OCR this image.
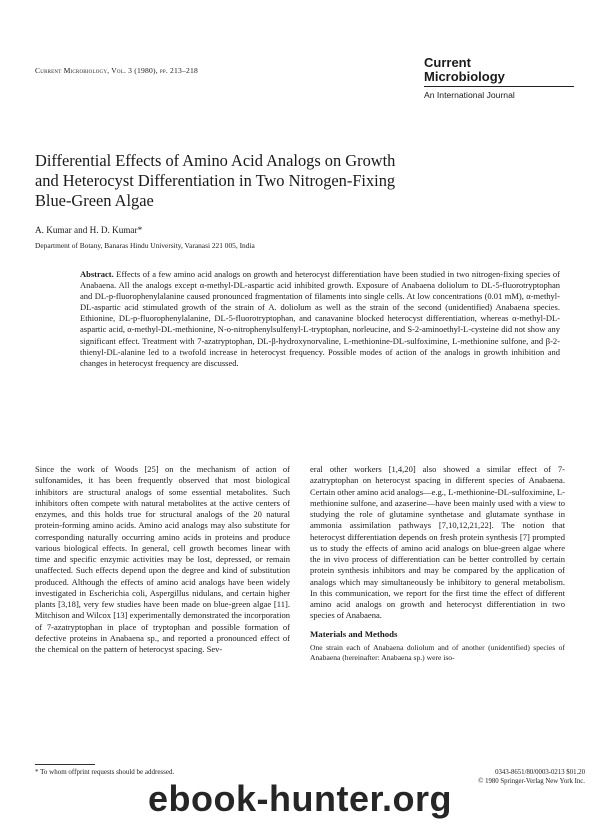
Current Microbiology, Vol. 3 (1980), pp. 213–218
Current
Microbiology
An International Journal
Differential Effects of Amino Acid Analogs on Growth
and Heterocyst Differentiation in Two Nitrogen-Fixing
Blue-Green Algae
A. Kumar and H. D. Kumar*
Department of Botany, Banaras Hindu University, Varanasi 221 005, India
Abstract. Effects of a few amino acid analogs on growth and heterocyst differentiation have been studied in two nitrogen-fixing species of Anabaena. All the analogs except α-methyl-DL-aspartic acid inhibited growth. Exposure of Anabaena doliolum to DL-5-fluorotryptophan and DL-p-fluorophenylalanine caused pronounced fragmentation of filaments into single cells. At low concentrations (0.01 mM), α-methyl-DL-aspartic acid stimulated growth of the strain of A. doliolum as well as the strain of the second (unidentified) Anabaena species. Ethionine, DL-p-fluorophenylalanine, DL-5-fluorotryptophan, and canavanine blocked heterocyst differentiation, whereas α-methyl-DL-aspartic acid, α-methyl-DL-methionine, N-o-nitrophenylsulfenyl-L-tryptophan, norleucine, and S-2-aminoethyl-L-cysteine did not show any significant effect. Treatment with 7-azatryptophan, DL-β-hydroxynorvaline, L-methionine-DL-sulfoximine, L-methionine sulfone, and β-2-thienyl-DL-alanine led to a twofold increase in heterocyst frequency. Possible modes of action of the analogs in growth inhibition and changes in heterocyst frequency are discussed.
Since the work of Woods [25] on the mechanism of action of sulfonamides, it has been frequently observed that most biological inhibitors are structural analogs of some essential metabolites. Such inhibitors often compete with natural metabolites at the active centers of enzymes, and this holds true for structural analogs of the 20 natural protein-forming amino acids. Amino acid analogs may also substitute for corresponding naturally occurring amino acids in proteins and produce various biological effects. In general, cell growth becomes linear with time and specific enzymic activities may be lost, depressed, or remain unaffected. Such effects depend upon the degree and kind of substitution produced. Although the effects of amino acid analogs have been widely investigated in Escherichia coli, Aspergillus nidulans, and certain higher plants [3,18], very few studies have been made on blue-green algae [11]. Mitchison and Wilcox [13] experimentally demonstrated the incorporation of 7-azatryptophan in place of tryptophan and possible formation of defective proteins in Anabaena sp., and reported a pronounced effect of the chemical on the pattern of heterocyst spacing. Sev-
eral other workers [1,4,20] also showed a similar effect of 7-azatryptophan on heterocyst spacing in different species of Anabaena. Certain other amino acid analogs—e.g., L-methionine-DL-sulfoximine, L-methionine sulfone, and azaserine—have been mainly used with a view to studying the role of glutamine synthetase and glutamate synthase in ammonia assimilation pathways [7,10,12,21,22]. The notion that heterocyst differentiation depends on fresh protein synthesis [7] prompted us to study the effects of amino acid analogs on blue-green algae where the in vivo process of differentiation can be better controlled by certain protein synthesis inhibitors and may be compared by the application of analogs which may simultaneously be inhibitory to general metabolism. In this communication, we report for the first time the effect of different amino acid analogs on growth and heterocyst differentiation in two species of Anabaena.
Materials and Methods
One strain each of Anabaena doliolum and of another (unidentified) species of Anabaena (hereinafter: Anabaena sp.) were iso-
* To whom offprint requests should be addressed.	0343-8651/80/0003-0213 $01.20
© 1980 Springer-Verlag New York Inc.
ebook-hunter.org
